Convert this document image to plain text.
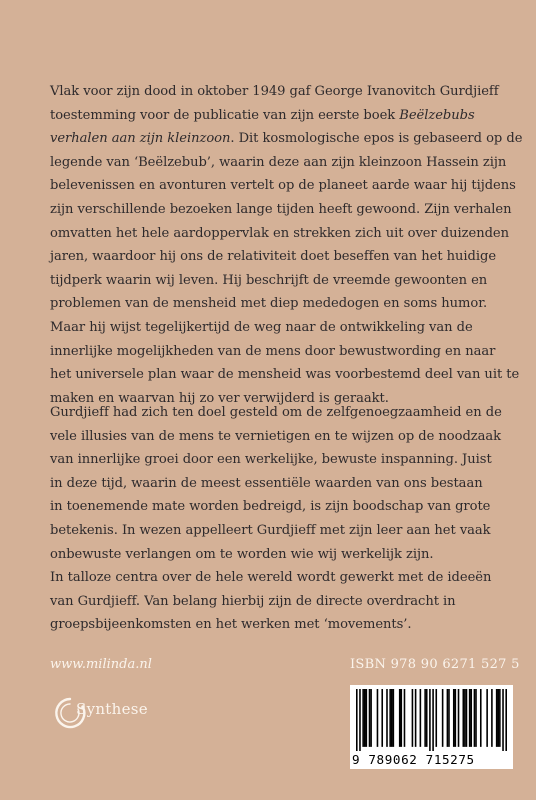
Vlak voor zijn dood in oktober 1949 gaf George Ivanovitch Gurdjieff
toestemming voor de publicatie van zijn eerste boek Beëlzebubs
verhalen aan zijn kleinzoon. Dit kosmologische epos is gebaseerd op de
legende van ‘Beëlzebub’, waarin deze aan zijn kleinzoon Hassein zijn
belevenissen en avonturen vertelt op de planeet aarde waar hij tijdens
zijn verschillende bezoeken lange tijden heeft gewoond. Zijn verhalen
omvatten het hele aardoppervlak en strekken zich uit over duizenden
jaren, waardoor hij ons de relativiteit doet beseffen van het huidige
tijdperk waarin wij leven. Hij beschrijft de vreemde gewoonten en
problemen van de mensheid met diep mededogen en soms humor.
Maar hij wijst tegelijkertijd de weg naar de ontwikkeling van de
innerlijke mogelijkheden van de mens door bewustwording en naar
het universele plan waar de mensheid was voorbestemd deel van uit te
maken en waarvan hij zo ver verwijderd is geraakt.
Gurdjieff had zich ten doel gesteld om de zelfgenoegzaamheid en de
vele illusies van de mens te vernietigen en te wijzen op de noodzaak
van innerlijke groei door een werkelijke, bewuste inspanning. Juist
in deze tijd, waarin de meest essentiële waarden van ons bestaan
in toenemende mate worden bedreigd, is zijn boodschap van grote
betekenis. In wezen appelleert Gurdjieff met zijn leer aan het vaak
onbewuste verlangen om te worden wie wij werkelijk zijn.
In talloze centra over de hele wereld wordt gewerkt met de ideeën
van Gurdjieff. Van belang hierbij zijn de directe overdracht in
groepsbijeenkomsten en het werken met ‘movements’.
www.milinda.nl	ISBN 978 90 6271 527 5
Synthese
9 789062 715275
